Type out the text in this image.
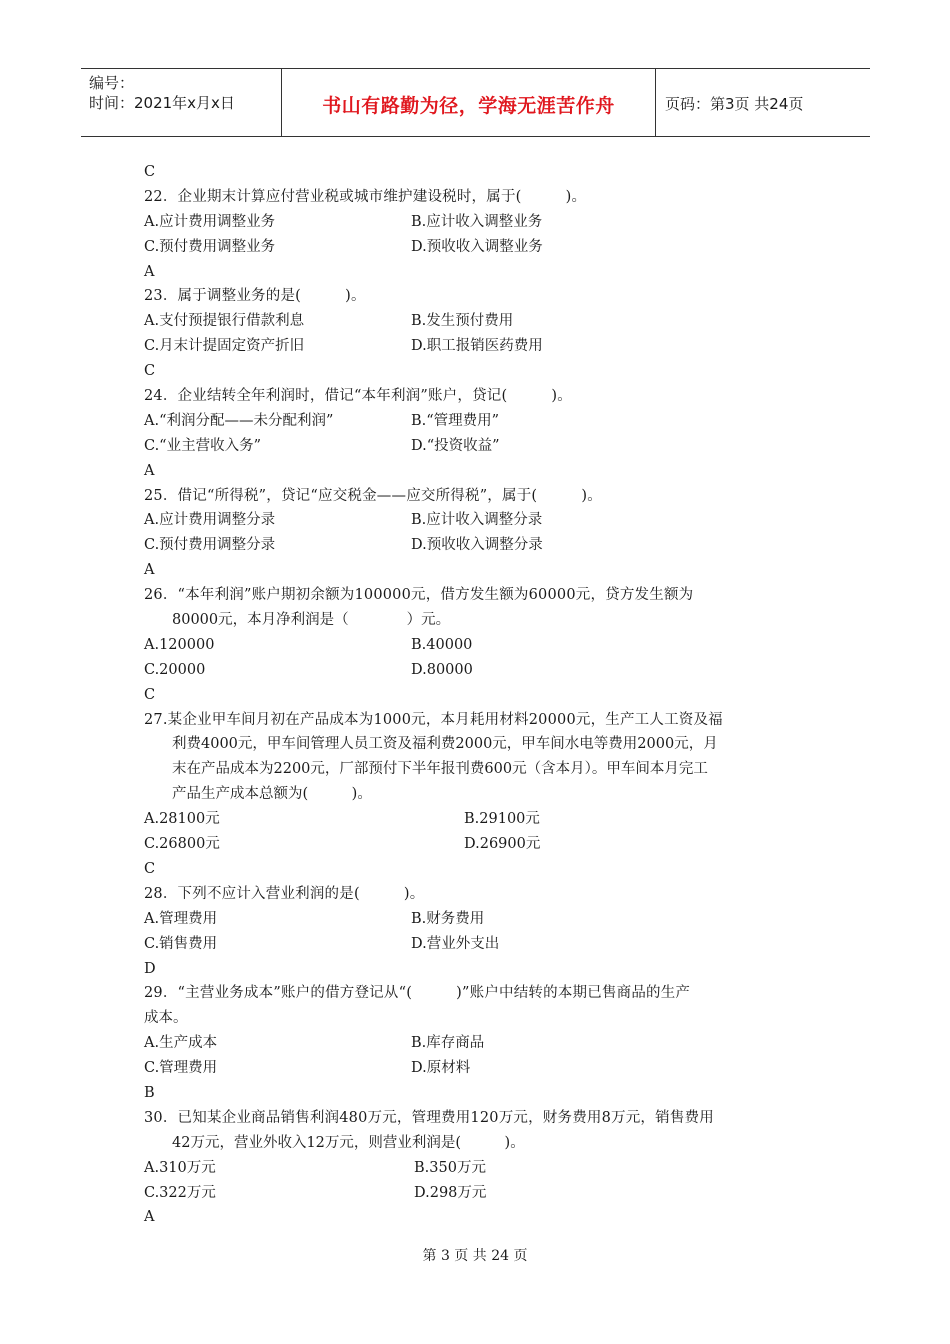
编号：
时间：2021年x月x日	书山有路勤为径，学海无涯苦作舟	页码：第3页 共24页
C
22．企业期末计算应付营业税或城市维护建设税时，属于(　　　)。
A.应计费用调整业务	B.应计收入调整业务
C.预付费用调整业务	D.预收收入调整业务
A
23．属于调整业务的是(　　　)。
A.支付预提银行借款利息	B.发生预付费用
C.月末计提固定资产折旧	D.职工报销医药费用
C
24．企业结转全年利润时，借记“本年利润”账户，贷记(　　　)。
A.“利润分配——未分配利润”	B.“管理费用”
C.“业主营收入务”	D.“投资收益”
A
25．借记“所得税”，贷记“应交税金——应交所得税”，属于(　　　)。
A.应计费用调整分录	B.应计收入调整分录
C.预付费用调整分录	D.预收收入调整分录
A
26．“本年利润”账户期初余额为100000元，借方发生额为60000元，贷方发生额为
80000元，本月净利润是（　　　　）元。
A.120000	B.40000
C.20000	D.80000
C
27.某企业甲车间月初在产品成本为1000元，本月耗用材料20000元，生产工人工资及福
利费4000元，甲车间管理人员工资及福利费2000元，甲车间水电等费用2000元，月
末在产品成本为2200元，厂部预付下半年报刊费600元（含本月）。甲车间本月完工
产品生产成本总额为(　　　)。
A.28100元	B.29100元
C.26800元	D.26900元
C
28．下列不应计入营业利润的是(　　　)。
A.管理费用	B.财务费用
C.销售费用	D.营业外支出
D
29．“主营业务成本”账户的借方登记从“(　　　)”账户中结转的本期已售商品的生产
成本。
A.生产成本	B.库存商品
C.管理费用	D.原材料
B
30．已知某企业商品销售利润480万元，管理费用120万元，财务费用8万元，销售费用
42万元，营业外收入12万元，则营业利润是(　　　)。
A.310万元	B.350万元
C.322万元	D.298万元
A
第 3 页 共 24 页
